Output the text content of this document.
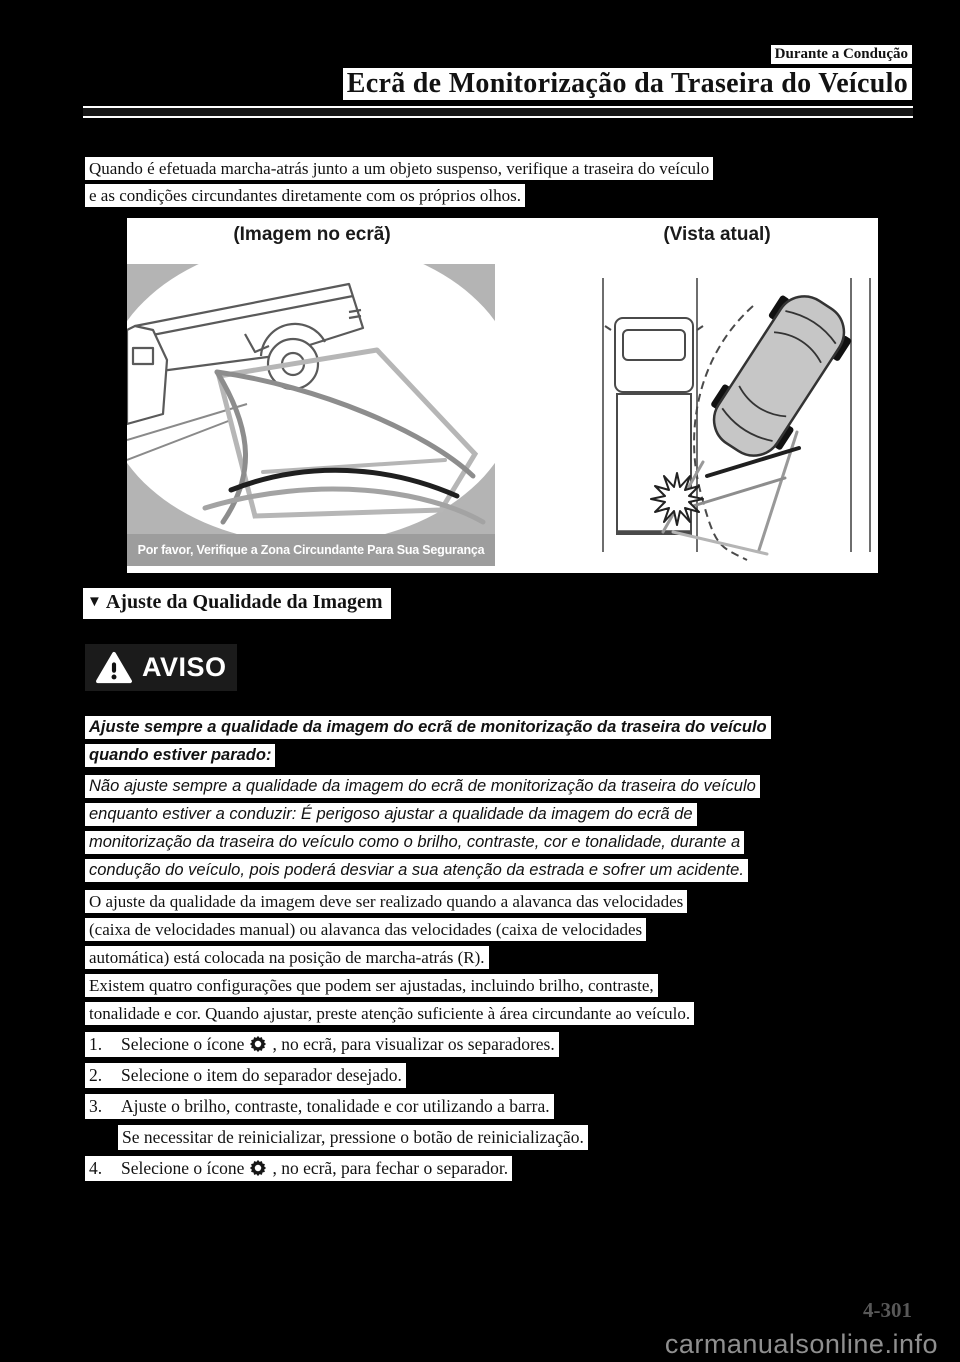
Durante a Condução
Ecrã de Monitorização da Traseira do Veículo
Quando é efetuada marcha-atrás junto a um objeto suspenso, verifique a traseira do veículo
e as condições circundantes diretamente com os próprios olhos.
(Imagem no ecrã)	(Vista atual)
Por favor, Verifique a Zona Circundante Para Sua Segurança
▼ Ajuste da Qualidade da Imagem
AVISO
Ajuste sempre a qualidade da imagem do ecrã de monitorização da traseira do veículo
quando estiver parado:
Não ajuste sempre a qualidade da imagem do ecrã de monitorização da traseira do veículo
enquanto estiver a conduzir: É perigoso ajustar a qualidade da imagem do ecrã de
monitorização da traseira do veículo como o brilho, contraste, cor e tonalidade, durante a
condução do veículo, pois poderá desviar a sua atenção da estrada e sofrer um acidente.
O ajuste da qualidade da imagem deve ser realizado quando a alavanca das velocidades
(caixa de velocidades manual) ou alavanca das velocidades (caixa de velocidades
automática) está colocada na posição de marcha-atrás (R).
Existem quatro configurações que podem ser ajustadas, incluindo brilho, contraste,
tonalidade e cor. Quando ajustar, preste atenção suficiente à área circundante ao veículo.
1. Selecione o ícone , no ecrã, para visualizar os separadores.
2. Selecione o item do separador desejado.
3. Ajuste o brilho, contraste, tonalidade e cor utilizando a barra.
Se necessitar de reinicializar, pressione o botão de reinicialização.
4. Selecione o ícone , no ecrã, para fechar o separador.
4-301
carmanualsonline.info
